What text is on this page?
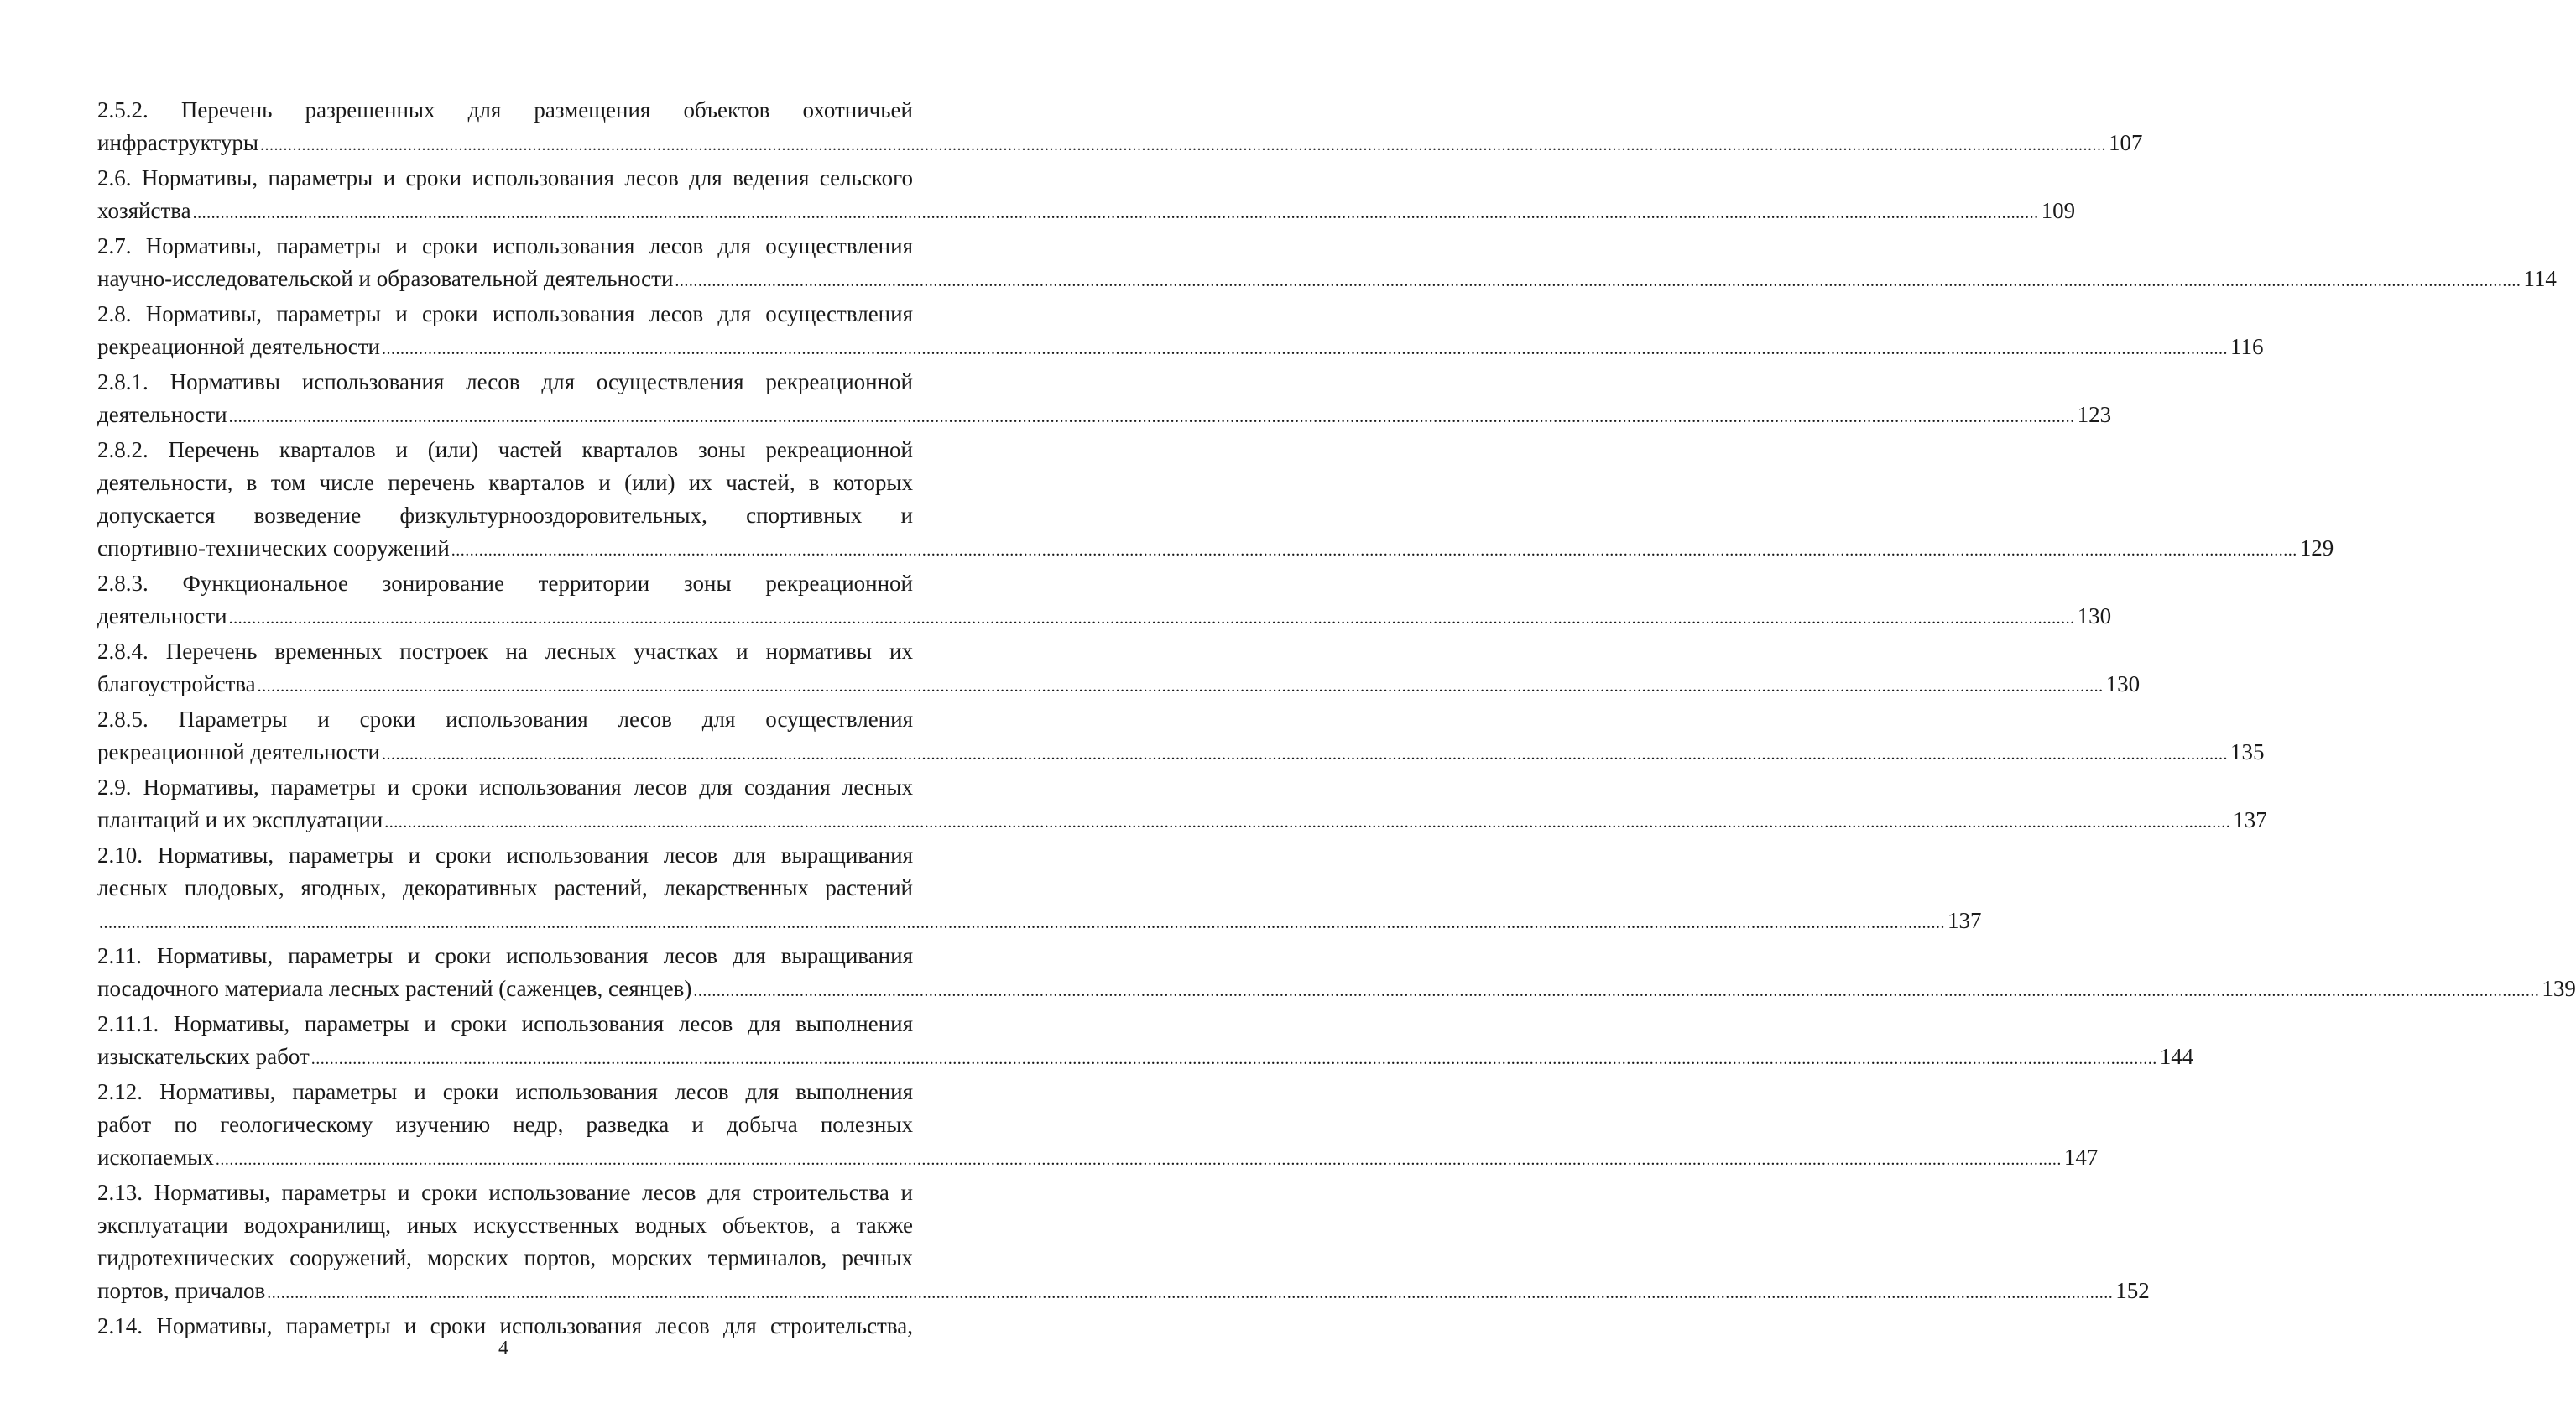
2.5.2. Перечень разрешенных для размещения объектов охотничьей
инфраструктуры ................................................................................................................................................................................................................................................................................................................................................................................................................ 107
2.6. Нормативы, параметры и сроки использования лесов для ведения сельского
хозяйства ................................................................................................................................................................................................................................................................................................................................................................................................................ 109
2.7. Нормативы, параметры и сроки использования лесов для осуществления
научно-исследовательской и образовательной деятельности ................................................................................................................................................................................................................................................................................................................................................................................................................ 114
2.8. Нормативы, параметры и сроки использования лесов для осуществления
рекреационной деятельности ................................................................................................................................................................................................................................................................................................................................................................................................................ 116
2.8.1. Нормативы использования лесов для осуществления рекреационной
деятельности ................................................................................................................................................................................................................................................................................................................................................................................................................ 123
2.8.2. Перечень кварталов и (или) частей кварталов зоны рекреационной
деятельности, в том числе перечень кварталов и (или) их частей, в которых
допускается возведение физкультурнооздоровительных, спортивных и
спортивно-технических сооружений ................................................................................................................................................................................................................................................................................................................................................................................................................ 129
2.8.3. Функциональное зонирование территории зоны рекреационной
деятельности ................................................................................................................................................................................................................................................................................................................................................................................................................ 130
2.8.4. Перечень временных построек на лесных участках и нормативы их
благоустройства ................................................................................................................................................................................................................................................................................................................................................................................................................ 130
2.8.5. Параметры и сроки использования лесов для осуществления
рекреационной деятельности ................................................................................................................................................................................................................................................................................................................................................................................................................ 135
2.9. Нормативы, параметры и сроки использования лесов для создания лесных
плантаций и их эксплуатации ................................................................................................................................................................................................................................................................................................................................................................................................................ 137
2.10. Нормативы, параметры и сроки использования лесов для выращивания
лесных плодовых, ягодных, декоративных растений, лекарственных растений
................................................................................................................................................................................................................................................................................................................................................................................................................ 137
2.11. Нормативы, параметры и сроки использования лесов для выращивания
посадочного материала лесных растений (саженцев, сеянцев) ................................................................................................................................................................................................................................................................................................................................................................................................................ 139
2.11.1. Нормативы, параметры и сроки использования лесов для выполнения
изыскательских работ ................................................................................................................................................................................................................................................................................................................................................................................................................ 144
2.12. Нормативы, параметры и сроки использования лесов для выполнения
работ по геологическому изучению недр, разведка и добыча полезных
ископаемых ................................................................................................................................................................................................................................................................................................................................................................................................................ 147
2.13. Нормативы, параметры и сроки использование лесов для строительства и
эксплуатации водохранилищ, иных искусственных водных объектов, а также
гидротехнических сооружений, морских портов, морских терминалов, речных
портов, причалов ................................................................................................................................................................................................................................................................................................................................................................................................................ 152
2.14. Нормативы, параметры и сроки использования лесов для строительства,
4
